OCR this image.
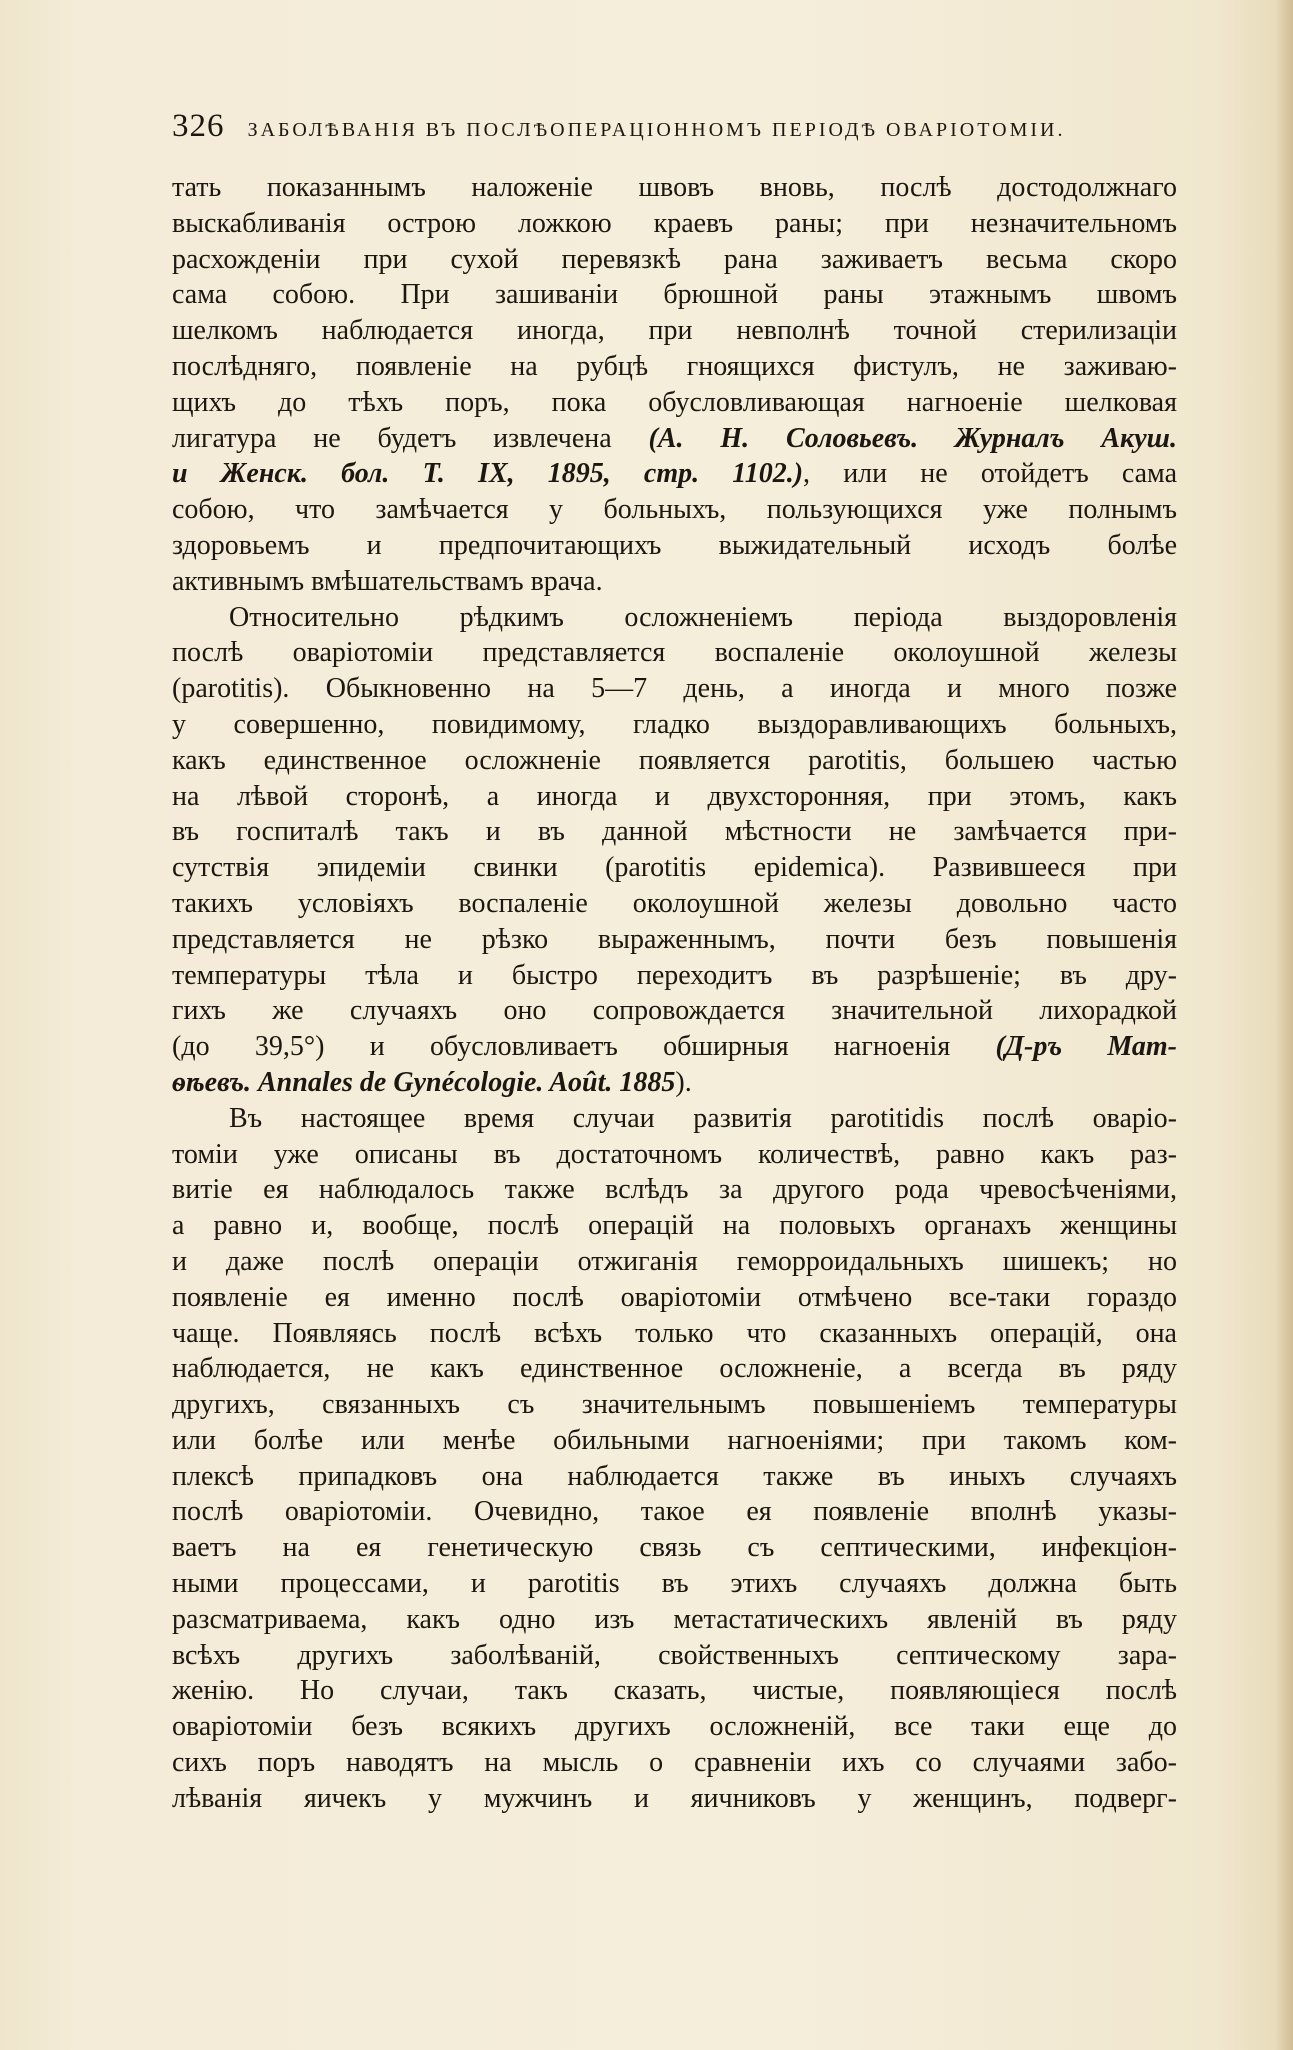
326 ЗАБОЛѢВАНІЯ ВЪ ПОСЛѢОПЕРАЦІОННОМЪ ПЕРІОДѢ ОВАРІОТОМІИ.
тать показаннымъ наложеніе швовъ вновь, послѣ достодолжнаго
выскабливанія острою ложкою краевъ раны; при незначительномъ
расхожденіи при сухой перевязкѣ рана заживаетъ весьма скоро
сама собою. При зашиваніи брюшной раны этажнымъ швомъ
шелкомъ наблюдается иногда, при невполнѣ точной стерилизаціи
послѣдняго, появленіе на рубцѣ гноящихся фистулъ, не заживаю-
щихъ до тѣхъ поръ, пока обусловливающая нагноеніе шелковая
лигатура не будетъ извлечена (А. Н. Соловьевъ. Журналъ Акуш.
и Женск. бол. Т. IX, 1895, стр. 1102.), или не отойдетъ сама
собою, что замѣчается у больныхъ, пользующихся уже полнымъ
здоровьемъ и предпочитающихъ выжидательный исходъ болѣе
активнымъ вмѣшательствамъ врача.
Относительно рѣдкимъ осложненіемъ періода выздоровленія
послѣ оваріотоміи представляется воспаленіе околоушной железы
(parotitis). Обыкновенно на 5—7 день, а иногда и много позже
у совершенно, повидимому, гладко выздоравливающихъ больныхъ,
какъ единственное осложненіе появляется parotitis, большею частью
на лѣвой сторонѣ, а иногда и двухсторонняя, при этомъ, какъ
въ госпиталѣ такъ и въ данной мѣстности не замѣчается при-
сутствія эпидеміи свинки (parotitis epidemica). Развившееся при
такихъ условіяхъ воспаленіе околоушной железы довольно часто
представляется не рѣзко выраженнымъ, почти безъ повышенія
температуры тѣла и быстро переходитъ въ разрѣшеніе; въ дру-
гихъ же случаяхъ оно сопровождается значительной лихорадкой
(до 39,5°) и обусловливаетъ обширныя нагноенія (Д-ръ Мат-
ѳѣевъ. Annales de Gynécologie. Août. 1885).
Въ настоящее время случаи развитія parotitidis послѣ оваріо-
томіи уже описаны въ достаточномъ количествѣ, равно какъ раз-
витіе ея наблюдалось также вслѣдъ за другого рода чревосѣченіями,
а равно и, вообще, послѣ операцій на половыхъ органахъ женщины
и даже послѣ операціи отжиганія геморроидальныхъ шишекъ; но
появленіе ея именно послѣ оваріотоміи отмѣчено все-таки гораздо
чаще. Появляясь послѣ всѣхъ только что сказанныхъ операцій, она
наблюдается, не какъ единственное осложненіе, а всегда въ ряду
другихъ, связанныхъ съ значительнымъ повышеніемъ температуры
или болѣе или менѣе обильными нагноеніями; при такомъ ком-
плексѣ припадковъ она наблюдается также въ иныхъ случаяхъ
послѣ оваріотоміи. Очевидно, такое ея появленіе вполнѣ указы-
ваетъ на ея генетическую связь съ септическими, инфекціон-
ными процессами, и parotitis въ этихъ случаяхъ должна быть
разсматриваема, какъ одно изъ метастатическихъ явленій въ ряду
всѣхъ другихъ заболѣваній, свойственныхъ септическому зара-
женію. Но случаи, такъ сказать, чистые, появляющіеся послѣ
оваріотоміи безъ всякихъ другихъ осложненій, все таки еще до
сихъ поръ наводятъ на мысль о сравненіи ихъ со случаями забо-
лѣванія яичекъ у мужчинъ и яичниковъ у женщинъ, подверг-
